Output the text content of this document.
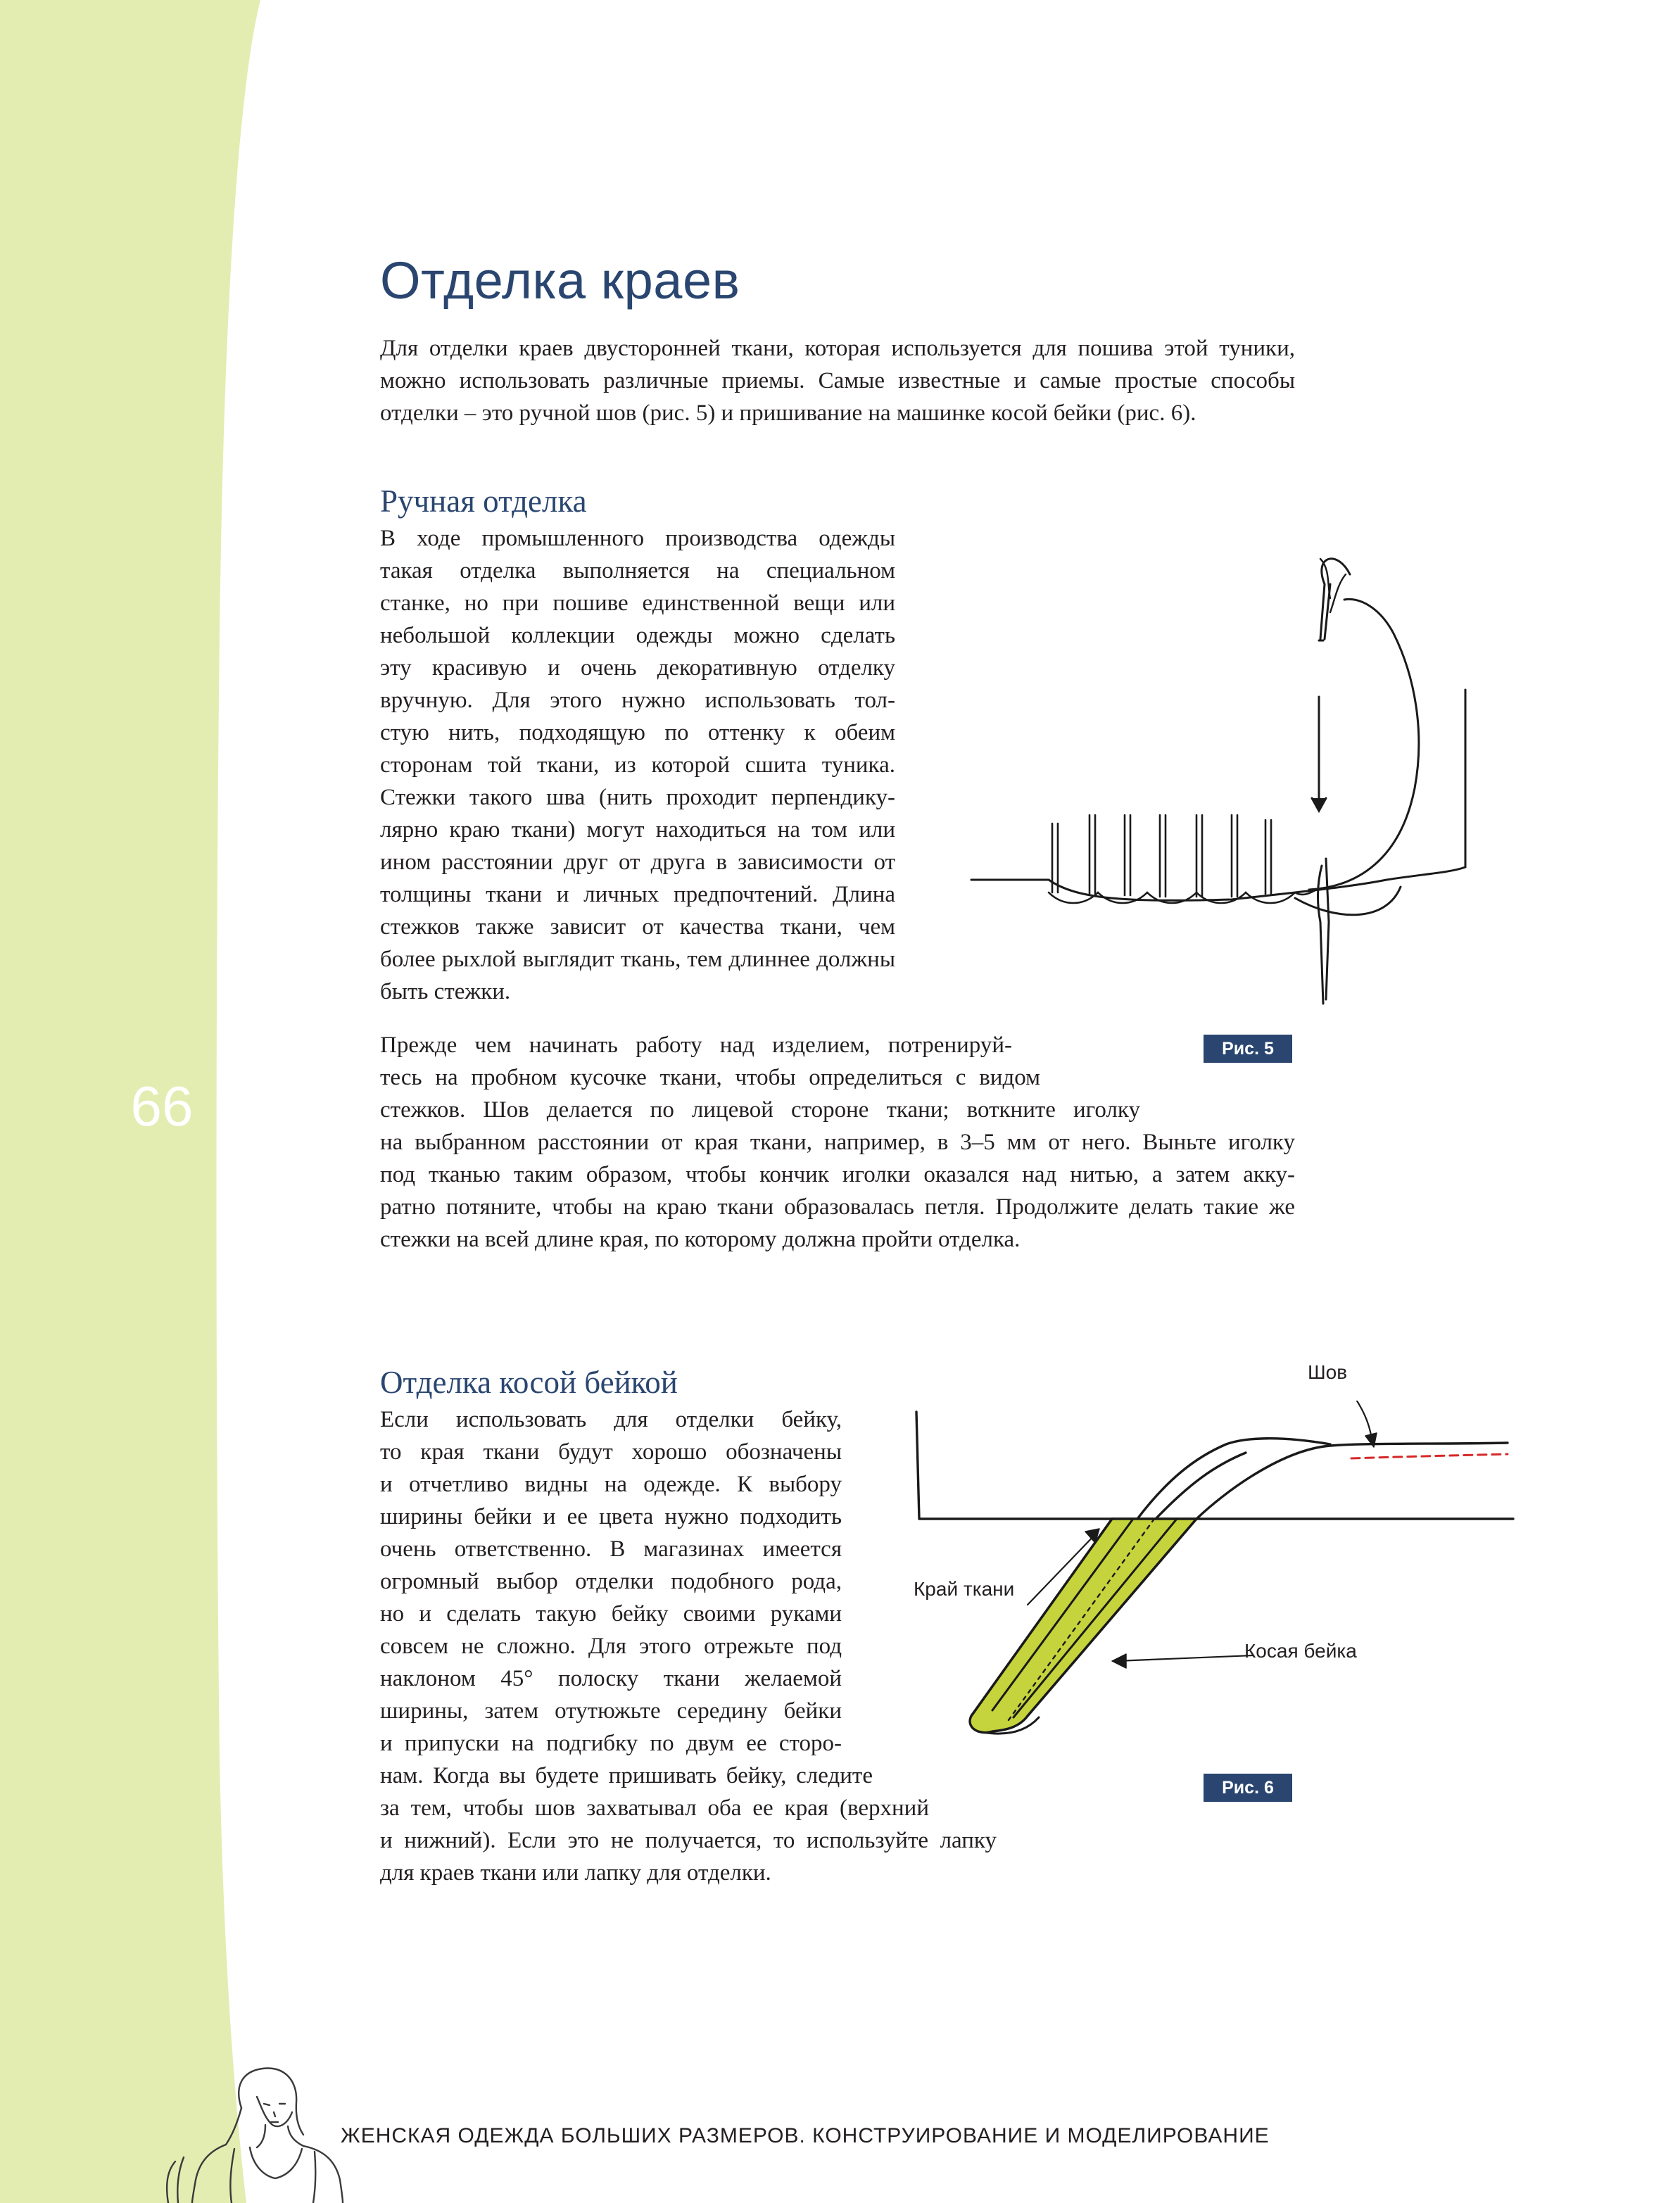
66
Отделка краев
Для отделки краев двусторонней ткани, которая используется для пошива этой туники,
можно использовать различные приемы. Самые известные и самые простые способы
отделки – это ручной шов (рис. 5) и пришивание на машинке косой бейки (рис. 6).
Ручная отделка
В ходе промышленного производства одежды
такая отделка выполняется на специальном
станке, но при пошиве единственной вещи или
небольшой коллекции одежды можно сделать
эту красивую и очень декоративную отделку
вручную. Для этого нужно использовать тол-
стую нить, подходящую по оттенку к обеим
сторонам той ткани, из которой сшита туника.
Стежки такого шва (нить проходит перпендику-
лярно краю ткани) могут находиться на том или
ином расстоянии друг от друга в зависимости от
толщины ткани и личных предпочтений. Длина
стежков также зависит от качества ткани, чем
более рыхлой выглядит ткань, тем длиннее должны
быть стежки.
Прежде чем начинать работу над изделием, потренируй-
тесь на пробном кусочке ткани, чтобы определиться с видом
стежков. Шов делается по лицевой стороне ткани; воткните иголку
на выбранном расстоянии от края ткани, например, в 3–5 мм от него. Выньте иголку
под тканью таким образом, чтобы кончик иголки оказался над нитью, а затем акку-
ратно потяните, чтобы на краю ткани образовалась петля. Продолжите делать такие же
стежки на всей длине края, по которому должна пройти отделка.
Рис. 5
Отделка косой бейкой
Если использовать для отделки бейку,
то края ткани будут хорошо обозначены
и отчетливо видны на одежде. К выбору
ширины бейки и ее цвета нужно подходить
очень ответственно. В магазинах имеется
огромный выбор отделки подобного рода,
но и сделать такую бейку своими руками
совсем не сложно. Для этого отрежьте под
наклоном 45° полоску ткани желаемой
ширины, затем отутюжьте середину бейки
и припуски на подгибку по двум ее сторо-
нам. Когда вы будете пришивать бейку, следите
за тем, чтобы шов захватывал оба ее края (верхний
и нижний). Если это не получается, то используйте лапку
для краев ткани или лапку для отделки.
Шов
Край ткани
Косая бейка
Рис. 6
ЖЕНСКАЯ ОДЕЖДА БОЛЬШИХ РАЗМЕРОВ. КОНСТРУИРОВАНИЕ И МОДЕЛИРОВАНИЕ
